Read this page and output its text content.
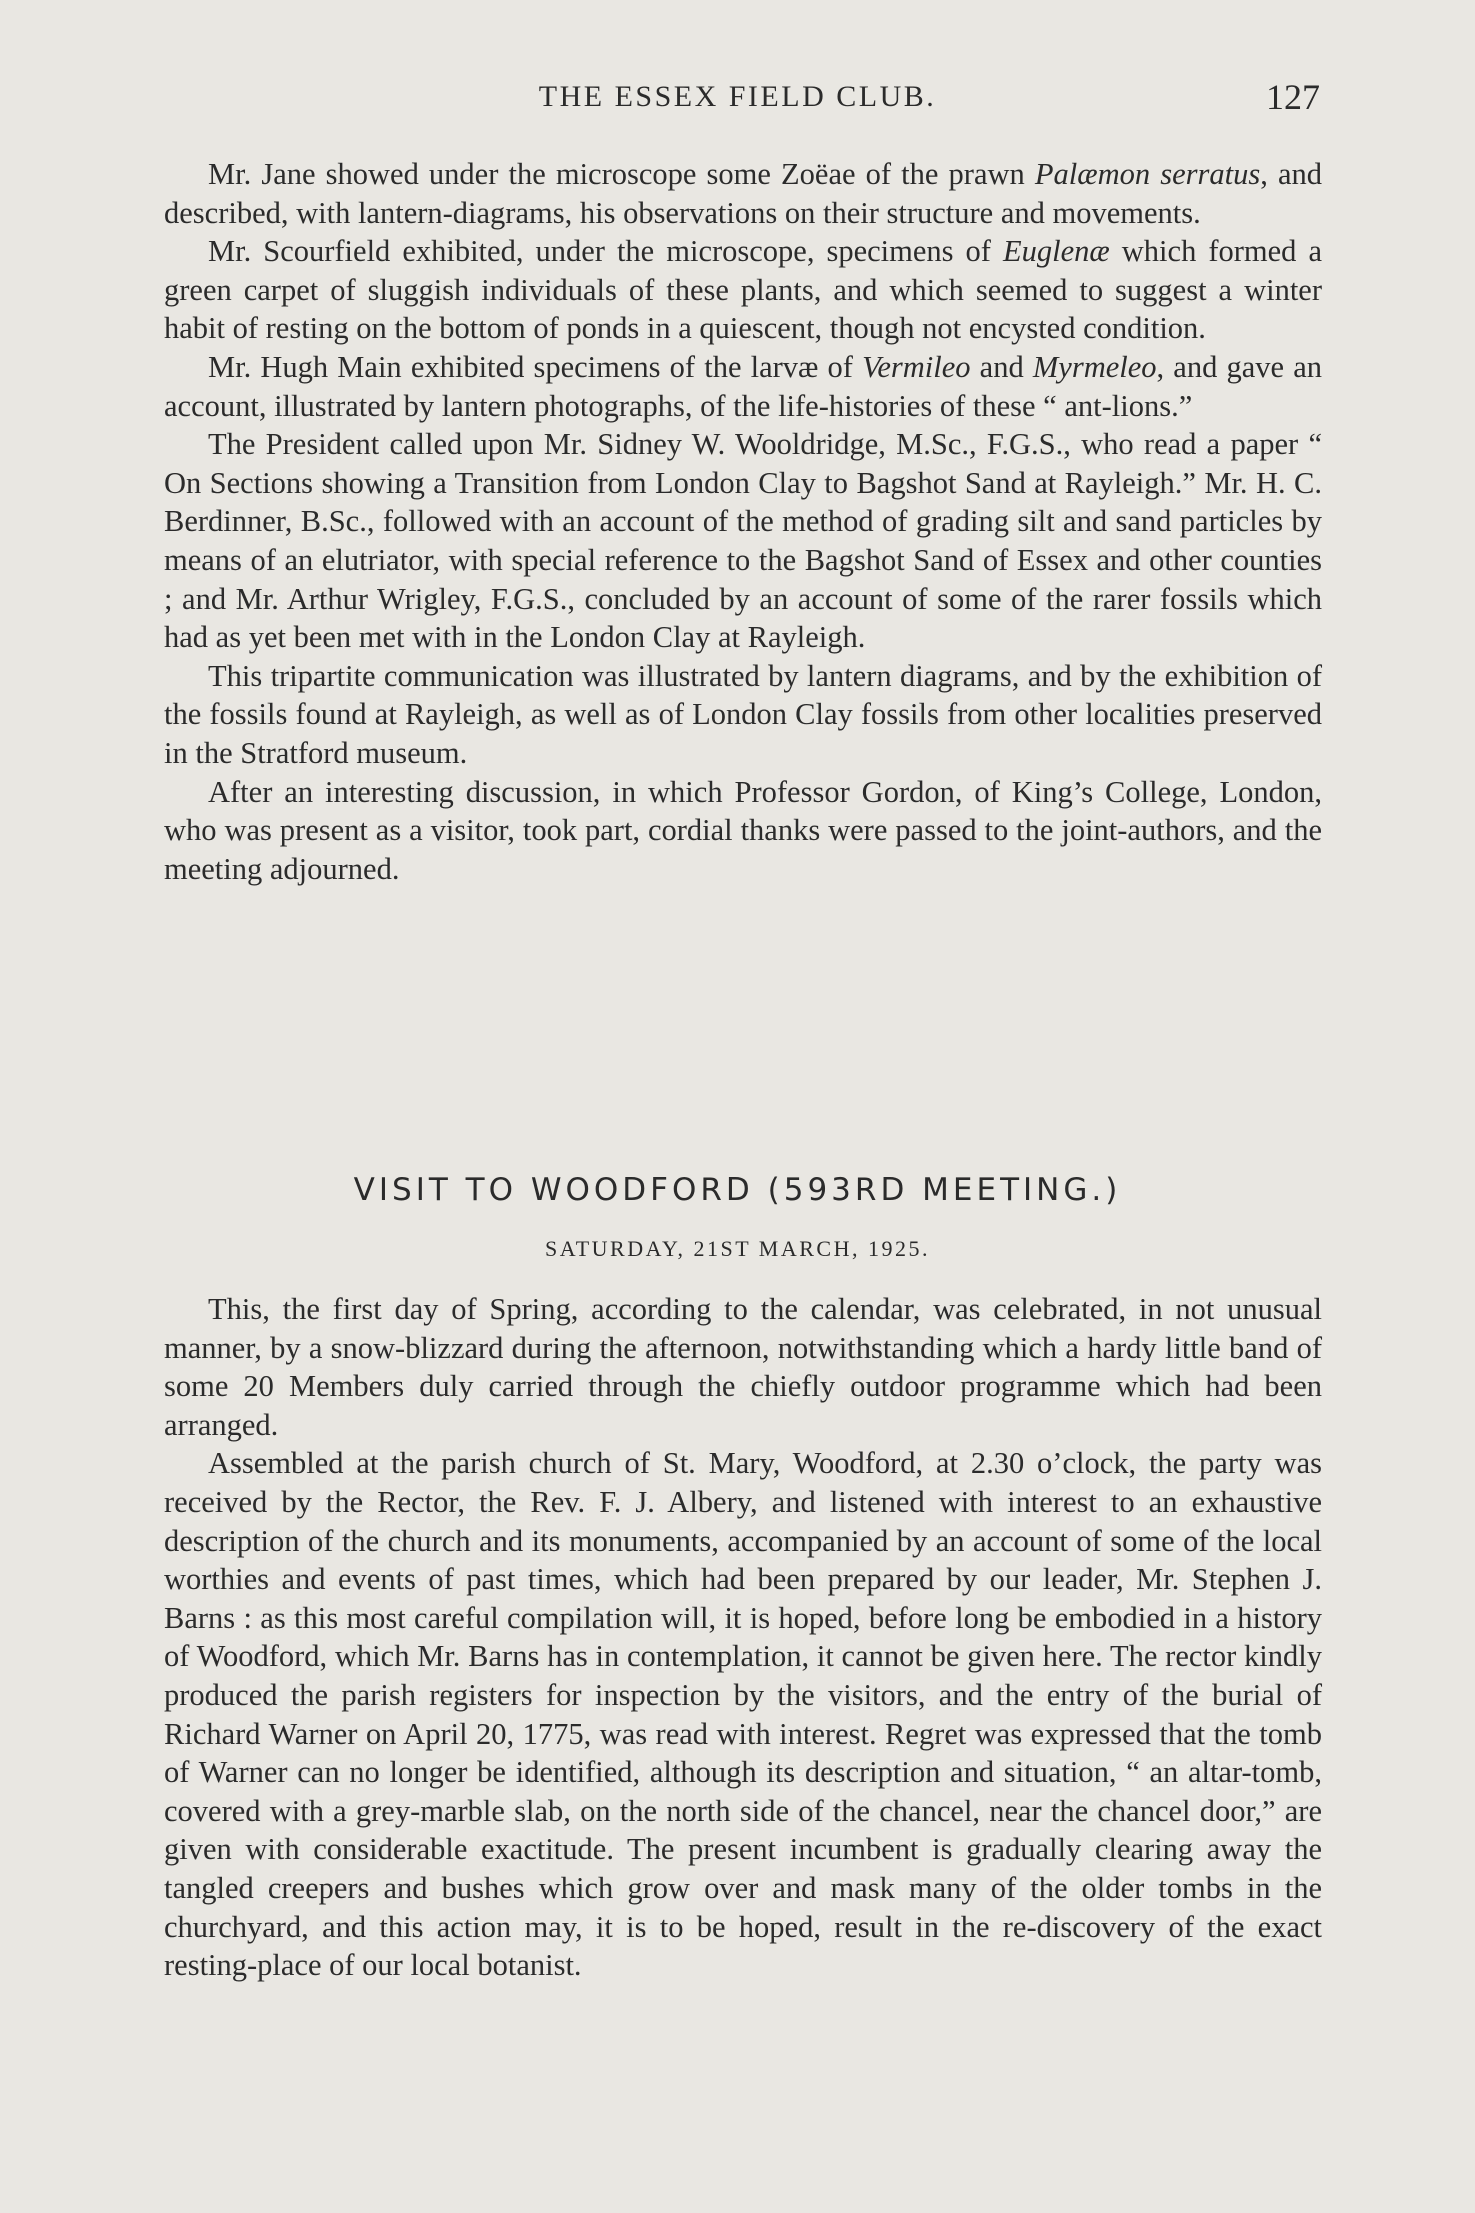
THE ESSEX FIELD CLUB.	127

Mr. Jane showed under the microscope some Zoëae of the prawn Palæmon serratus, and described, with lantern-diagrams, his observations on their structure and movements.

Mr. Scourfield exhibited, under the microscope, specimens of Euglenæ which formed a green carpet of sluggish individuals of these plants, and which seemed to suggest a winter habit of resting on the bottom of ponds in a quiescent, though not encysted condition.

Mr. Hugh Main exhibited specimens of the larvæ of Vermileo and Myrmeleo, and gave an account, illustrated by lantern photographs, of the life-histories of these “ ant-lions.”

The President called upon Mr. Sidney W. Wooldridge, M.Sc., F.G.S., who read a paper “ On Sections showing a Transition from London Clay to Bagshot Sand at Rayleigh.” Mr. H. C. Berdinner, B.Sc., followed with an account of the method of grading silt and sand particles by means of an elutriator, with special reference to the Bagshot Sand of Essex and other counties ; and Mr. Arthur Wrigley, F.G.S., concluded by an account of some of the rarer fossils which had as yet been met with in the London Clay at Rayleigh.

This tripartite communication was illustrated by lantern diagrams, and by the exhibition of the fossils found at Rayleigh, as well as of London Clay fossils from other localities preserved in the Stratford museum.

After an interesting discussion, in which Professor Gordon, of King’s College, London, who was present as a visitor, took part, cordial thanks were passed to the joint-authors, and the meeting adjourned.

VISIT TO WOODFORD (593RD MEETING.)
SATURDAY, 21ST MARCH, 1925.

This, the first day of Spring, according to the calendar, was celebrated, in not unusual manner, by a snow-blizzard during the afternoon, notwithstanding which a hardy little band of some 20 Members duly carried through the chiefly outdoor programme which had been arranged.

Assembled at the parish church of St. Mary, Woodford, at 2.30 o’clock, the party was received by the Rector, the Rev. F. J. Albery, and listened with interest to an exhaustive description of the church and its monuments, accompanied by an account of some of the local worthies and events of past times, which had been prepared by our leader, Mr. Stephen J. Barns : as this most careful compilation will, it is hoped, before long be embodied in a history of Woodford, which Mr. Barns has in contemplation, it cannot be given here. The rector kindly produced the parish registers for inspection by the visitors, and the entry of the burial of Richard Warner on April 20, 1775, was read with interest. Regret was expressed that the tomb of Warner can no longer be identified, although its description and situation, “ an altar-tomb, covered with a grey-marble slab, on the north side of the chancel, near the chancel door,” are given with considerable exactitude. The present incumbent is gradually clearing away the tangled creepers and bushes which grow over and mask many of the older tombs in the churchyard, and this action may, it is to be hoped, result in the re-discovery of the exact resting-place of our local botanist.
